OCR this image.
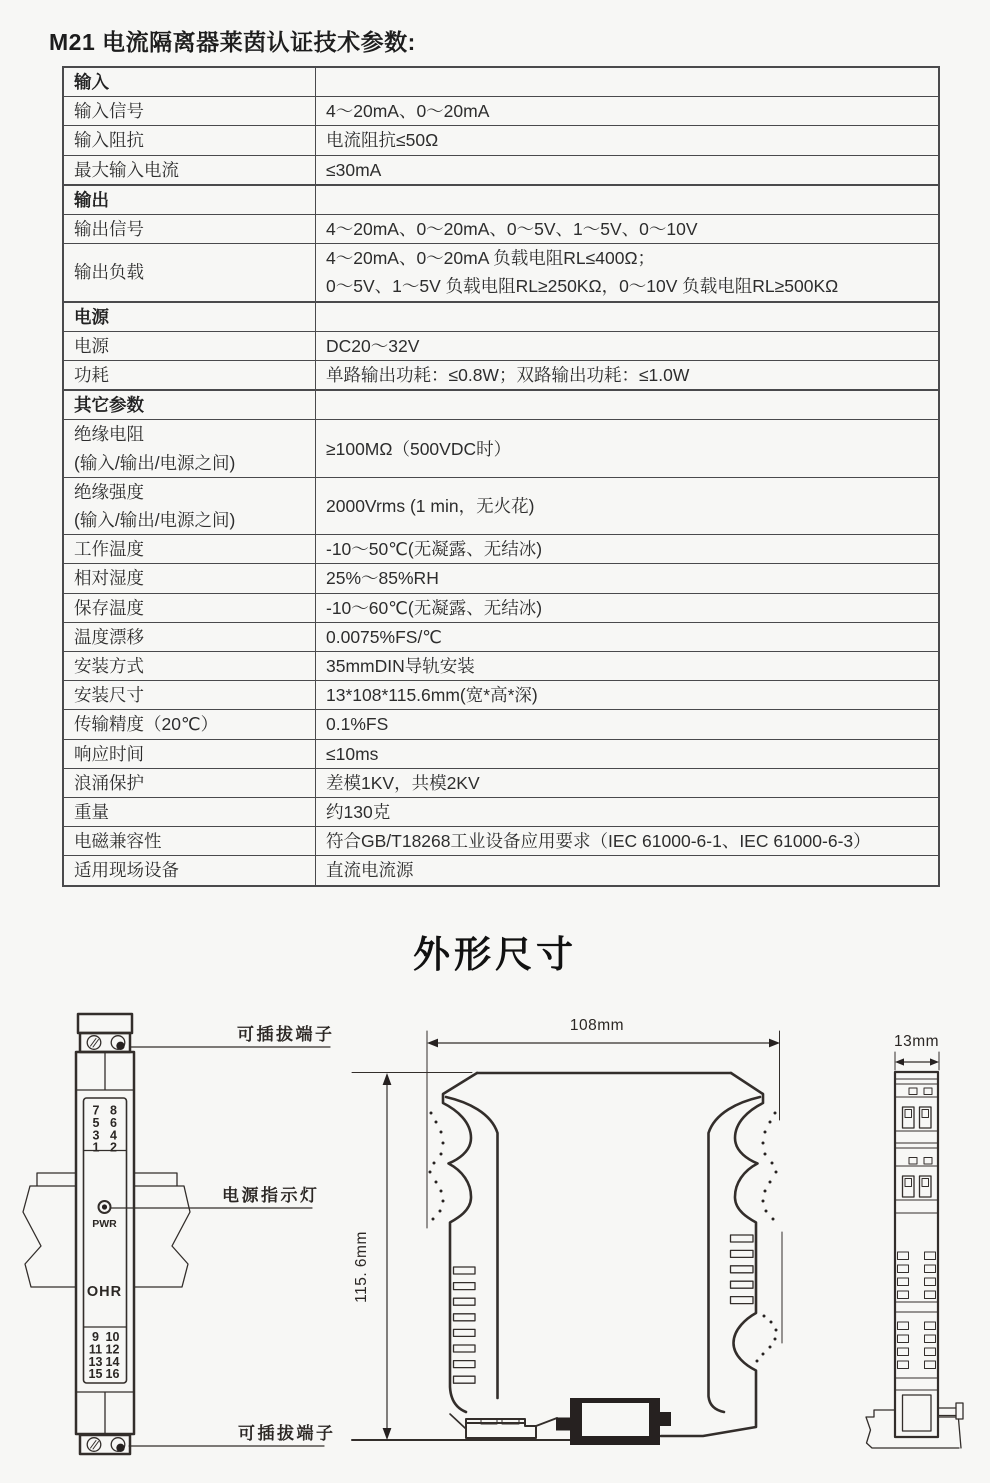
M21 电流隔离器莱茵认证技术参数:
输入	

输入信号	4～20mA、0～20mA

输入阻抗	电流阻抗≤50Ω

最大输入电流	≤30mA

输出	

输出信号	4～20mA、0～20mA、0～5V、1～5V、0～10V

输出负载	4～20mA、0～20mA 负载电阻RL≤400Ω；
0～5V、1～5V 负载电阻RL≥250KΩ，0～10V 负载电阻RL≥500KΩ

电源	

电源	DC20～32V

功耗	单路输出功耗：≤0.8W；双路输出功耗：≤1.0W

其它参数	

绝缘电阻
(输入/输出/电源之间)	≥100MΩ（500VDC时）

绝缘强度
(输入/输出/电源之间)	2000Vrms (1 min，无火花)

工作温度	-10～50℃(无凝露、无结冰)

相对湿度	25%～85%RH

保存温度	-10～60℃(无凝露、无结冰)

温度漂移	0.0075%FS/℃

安装方式	35mmDIN导轨安装

安装尺寸	13*108*115.6mm(宽*高*深)

传输精度（20℃）	0.1%FS

响应时间	≤10ms

浪涌保护	差模1KV，共模2KV

重量	约130克

电磁兼容性	符合GB/T18268工业设备应用要求（IEC 61000-6-1、IEC 61000-6-3）

适用现场设备	直流电流源
外形尺寸
PWR
OHR
可插拔端子
电源指示灯
可插拔端子
7 8
5 6
3 4
1 2
9 10
11 12
13 14
15 16
108mm
115. 6mm
13mm
